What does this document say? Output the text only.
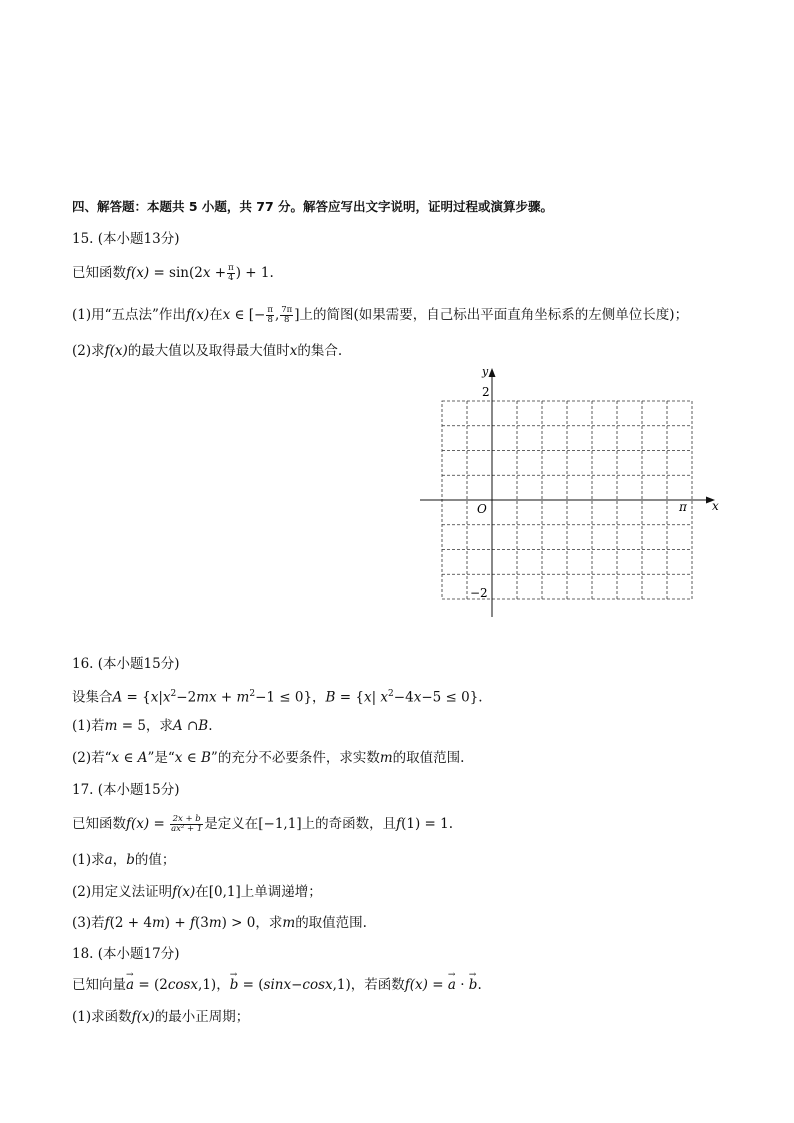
四、解答题：本题共 5 小题，共 77 分。解答应写出文字说明，证明过程或演算步骤。
15. (本小题13分)
已知函数$f(x) = \sin(2x + \frac{\pi}{4}$ ) + 1.
(1)用“五点法”作出f(x)在x ∈ [− $\frac{\pi}{8}$ , $\frac{7\pi}{8}$ ]上的简图(如果需要，自己标出平面直角坐标系的左侧单位长度)；
(2)求f(x)的最大值以及取得最大值时x的集合.
y
x
O
2
−2
π
16. (本小题15分)
设集合$A = \{x|x^2-2mx + m^2-1 \le 0\}$，B = {x| $x^2-4x-5 \le 0$}.
(1)若m = 5，求A ∩B.
(2)若“x ∈ A”是“x ∈ B”的充分不必要条件，求实数m的取值范围.
17. (本小题15分)
已知函数$f(x) = \frac{2x + b}{\text{ax² + 1}}$ 是定义在[−1,1]上的奇函数，且f(1) = 1.
(1)求a，b的值；
(2)用定义法证明f(x)在[0,1]上单调递增；
(3)若f(2 + 4m) + f(3m) > 0，求m的取值范围.
18. (本小题17分)
已知向量→ a = (2cosx,1)，→ b = (sinx−cosx,1)，若函数f(x) = → a · → b.
(1)求函数f(x)的最小正周期；
